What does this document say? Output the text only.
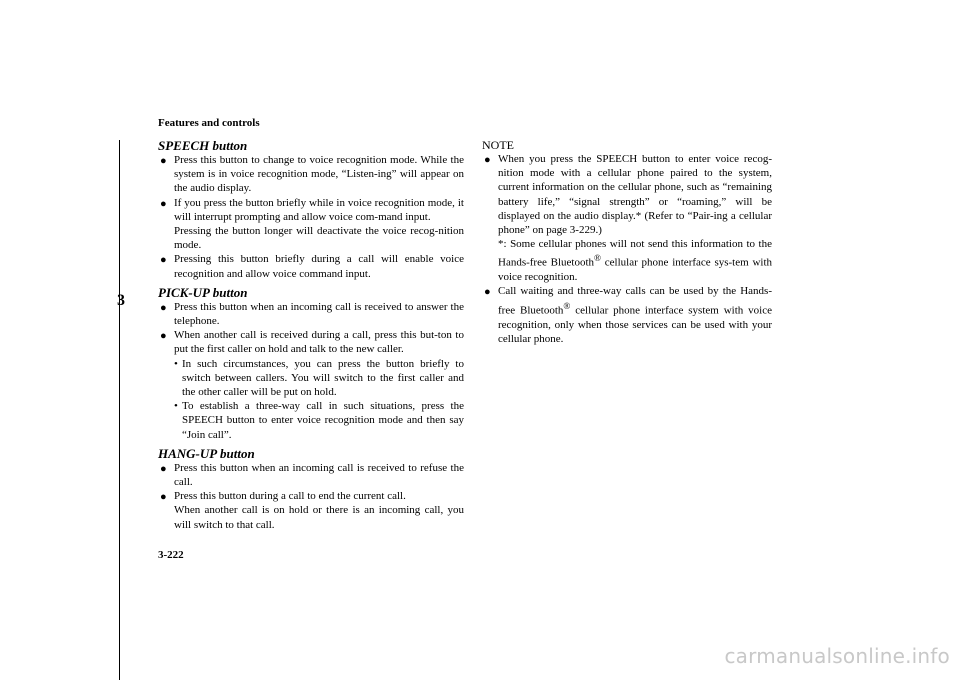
Features and controls
3

SPEECH button

● Press this button to change to voice recognition mode. While the system is in voice recognition mode, “Listen-ing” will appear on the audio display.

● If you press the button briefly while in voice recognition mode, it will interrupt prompting and allow voice com-mand input.

Pressing the button longer will deactivate the voice recog-nition mode.

● Pressing this button briefly during a call will enable voice recognition and allow voice command input.

PICK-UP button

● Press this button when an incoming call is received to answer the telephone.

● When another call is received during a call, press this but-ton to put the first caller on hold and talk to the new caller.

• In such circumstances, you can press the button briefly to switch between callers. You will switch to the first caller and the other caller will be put on hold.

• To establish a three-way call in such situations, press the SPEECH button to enter voice recognition mode and then say “Join call”.

HANG-UP button

● Press this button when an incoming call is received to refuse the call.

● Press this button during a call to end the current call.

When another call is on hold or there is an incoming call, you will switch to that call.

NOTE

● When you press the SPEECH button to enter voice recog-nition mode with a cellular phone paired to the system, current information on the cellular phone, such as “remaining battery life,” “signal strength” or “roaming,” will be displayed on the audio display.* (Refer to “Pair-ing a cellular phone” on page 3-229.)

*: Some cellular phones will not send this information to the Hands-free Bluetooth® cellular phone interface sys-tem with voice recognition.

● Call waiting and three-way calls can be used by the Hands-free Bluetooth® cellular phone interface system with voice recognition, only when those services can be used with your cellular phone.

3-222
carmanualsonline.info
